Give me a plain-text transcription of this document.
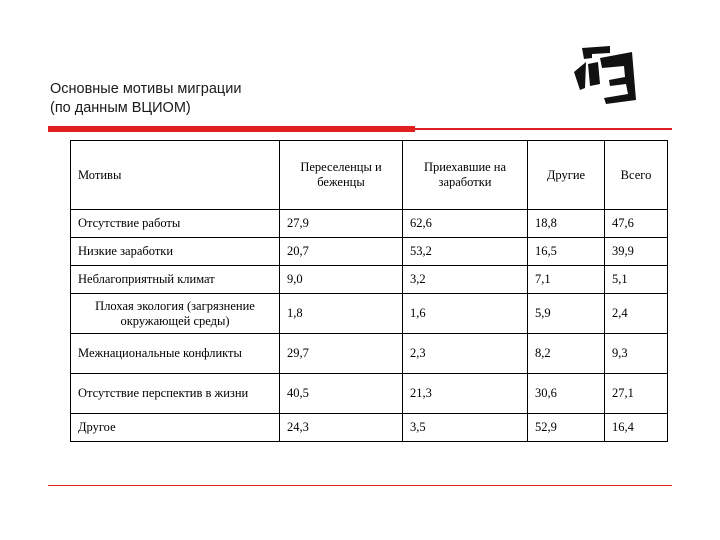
Основные мотивы миграции
(по данным ВЦИОМ)
Мотивы	Переселенцы и беженцы	Приехавшие на заработки	Другие	Всего
Отсутствие работы	27,9	62,6	18,8	47,6
Низкие заработки	20,7	53,2	16,5	39,9
Неблагоприятный климат	9,0	3,2	7,1	5,1
Плохая экология (загрязнение окружающей среды)	1,8	1,6	5,9	2,4
Межнациональные конфликты	29,7	2,3	8,2	9,3
Отсутствие перспектив в жизни	40,5	21,3	30,6	27,1
Другое	24,3	3,5	52,9	16,4
